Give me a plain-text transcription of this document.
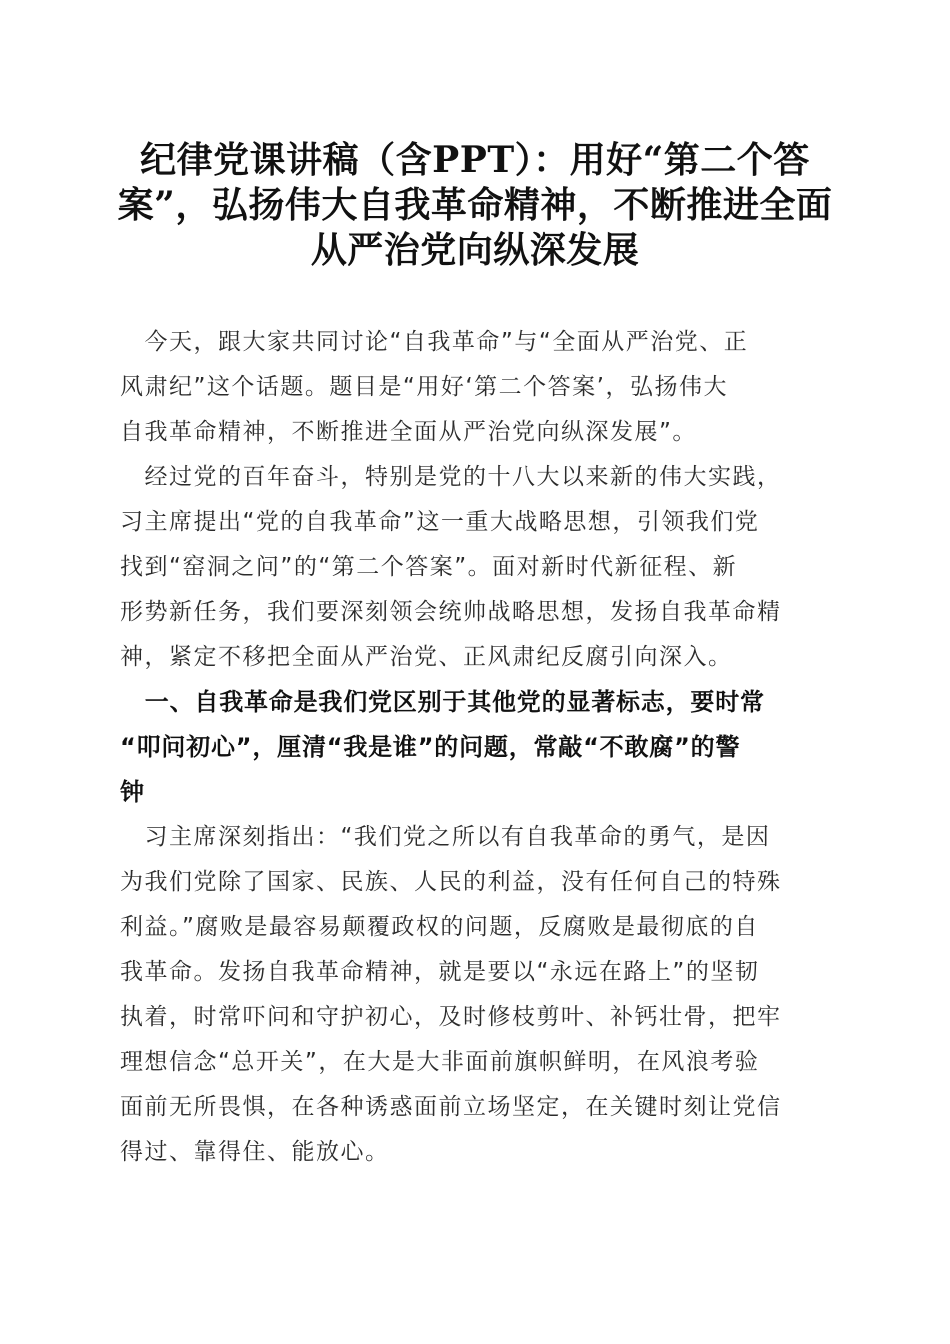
纪律党课讲稿（含PPT）：用好“第二个答
案”，弘扬伟大自我革命精神，不断推进全面
从严治党向纵深发展

　今天，跟大家共同讨论“自我革命”与“全面从严治党、正
风肃纪”这个话题。题目是“用好‘第二个答案’，弘扬伟大
自我革命精神，不断推进全面从严治党向纵深发展”。

　经过党的百年奋斗，特别是党的十八大以来新的伟大实践，
习主席提出“党的自我革命”这一重大战略思想，引领我们党
找到“窑洞之问”的“第二个答案”。面对新时代新征程、新
形势新任务，我们要深刻领会统帅战略思想，发扬自我革命精
神，紧定不移把全面从严治党、正风肃纪反腐引向深入。

　一、自我革命是我们党区别于其他党的显著标志，要时常
“叩问初心”，厘清“我是谁”的问题，常敲“不敢腐”的警
钟

　习主席深刻指出：“我们党之所以有自我革命的勇气，是因
为我们党除了国家、民族、人民的利益，没有任何自己的特殊
利益。”腐败是最容易颠覆政权的问题，反腐败是最彻底的自
我革命。发扬自我革命精神，就是要以“永远在路上”的坚韧
执着，时常吓问和守护初心，及时修枝剪叶、补钙壮骨，把牢
理想信念“总开关”，在大是大非面前旗帜鲜明，在风浪考验
面前无所畏惧，在各种诱惑面前立场坚定，在关键时刻让党信
得过、靠得住、能放心。
